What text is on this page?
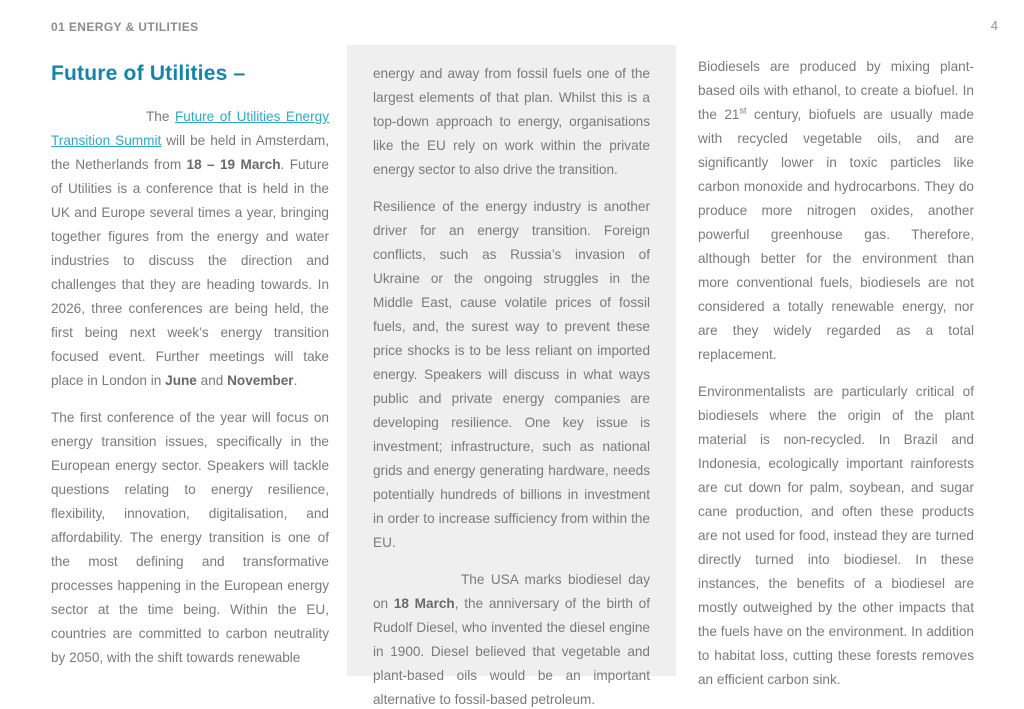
01 ENERGY & UTILITIES	4
Future of Utilities –

The Future of Utilities Energy Transition Summit will be held in Amsterdam, the Netherlands from 18 – 19 March. Future of Utilities is a conference that is held in the UK and Europe several times a year, bringing together figures from the energy and water industries to discuss the direction and challenges that they are heading towards. In 2026, three conferences are being held, the first being next week’s energy transition focused event. Further meetings will take place in London in June and November.

The first conference of the year will focus on energy transition issues, specifically in the European energy sector. Speakers will tackle questions relating to energy resilience, flexibility, innovation, digitalisation, and affordability. The energy transition is one of the most defining and transformative processes happening in the European energy sector at the time being. Within the EU, countries are committed to carbon neutrality by 2050, with the shift towards renewable

energy and away from fossil fuels one of the largest elements of that plan. Whilst this is a top-down approach to energy, organisations like the EU rely on work within the private energy sector to also drive the transition.

Resilience of the energy industry is another driver for an energy transition. Foreign conflicts, such as Russia’s invasion of Ukraine or the ongoing struggles in the Middle East, cause volatile prices of fossil fuels, and, the surest way to prevent these price shocks is to be less reliant on imported energy. Speakers will discuss in what ways public and private energy companies are developing resilience. One key issue is investment; infrastructure, such as national grids and energy generating hardware, needs potentially hundreds of billions in investment in order to increase sufficiency from within the EU.

The USA marks biodiesel day on 18 March, the anniversary of the birth of Rudolf Diesel, who invented the diesel engine in 1900. Diesel believed that vegetable and plant-based oils would be an important alternative to fossil-based petroleum.

Biodiesels are produced by mixing plant-based oils with ethanol, to create a biofuel. In the 21st century, biofuels are usually made with recycled vegetable oils, and are significantly lower in toxic particles like carbon monoxide and hydrocarbons. They do produce more nitrogen oxides, another powerful greenhouse gas. Therefore, although better for the environment than more conventional fuels, biodiesels are not considered a totally renewable energy, nor are they widely regarded as a total replacement.

Environmentalists are particularly critical of biodiesels where the origin of the plant material is non-recycled. In Brazil and Indonesia, ecologically important rainforests are cut down for palm, soybean, and sugar cane production, and often these products are not used for food, instead they are turned directly turned into biodiesel. In these instances, the benefits of a biodiesel are mostly outweighed by the other impacts that the fuels have on the environment. In addition to habitat loss, cutting these forests removes an efficient carbon sink.
